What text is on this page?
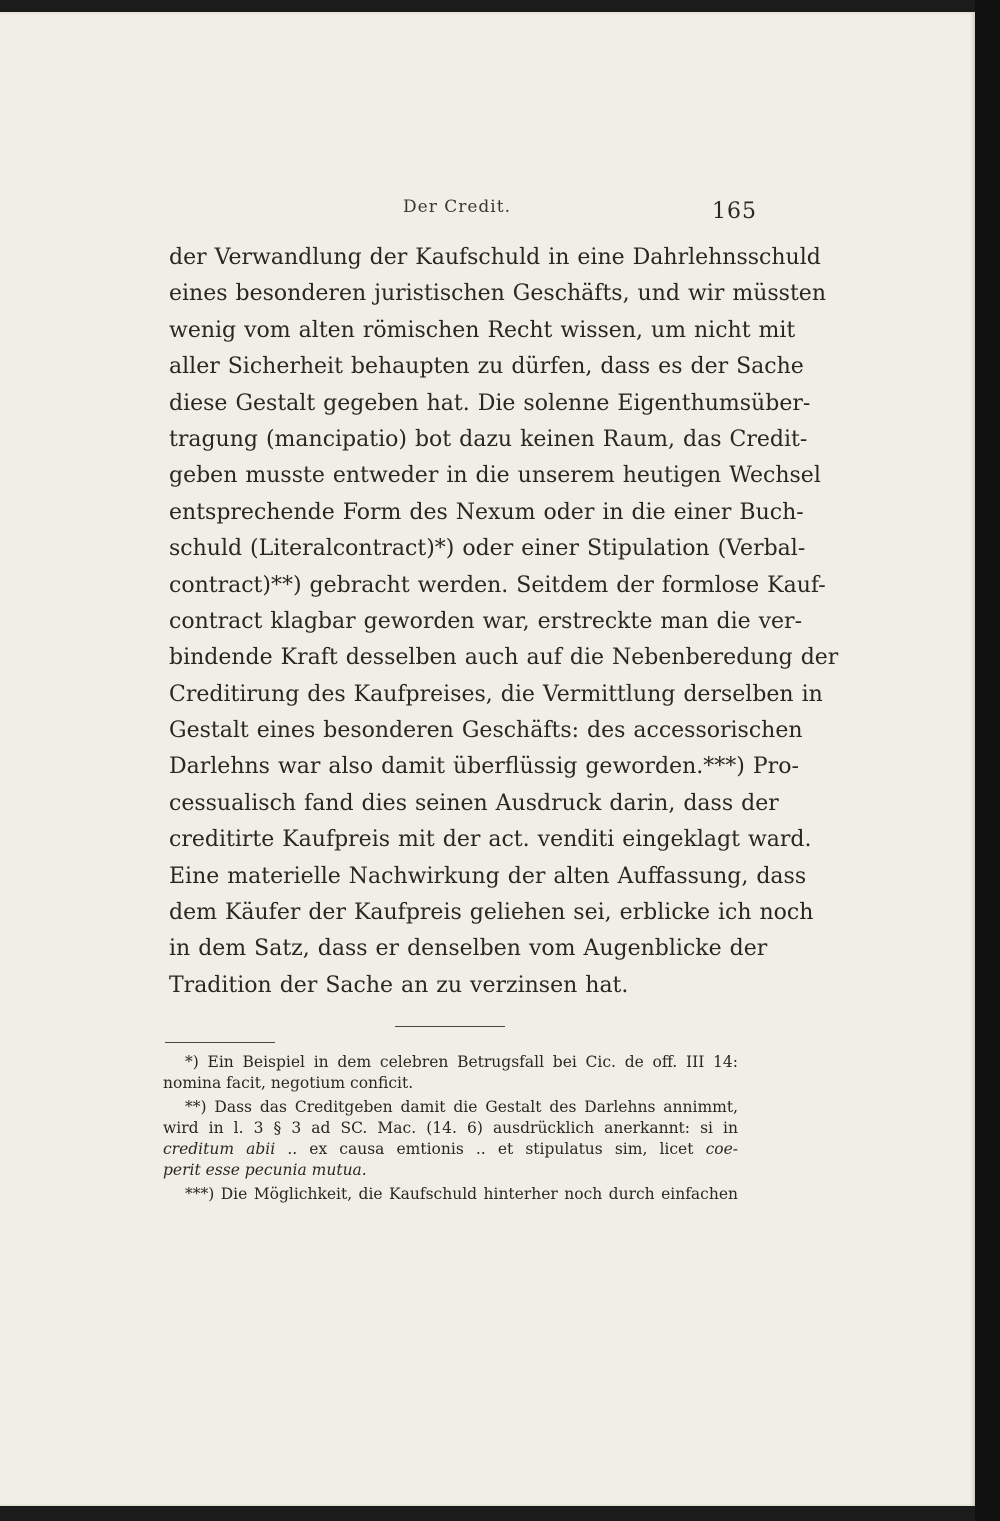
Der Credit.	165
der Verwandlung der Kaufschuld in eine Dahrlehnsschuld
eines besonderen juristischen Geschäfts, und wir müssten
wenig vom alten römischen Recht wissen, um nicht mit
aller Sicherheit behaupten zu dürfen, dass es der Sache
diese Gestalt gegeben hat. Die solenne Eigenthumsüber-
tragung (mancipatio) bot dazu keinen Raum, das Credit-
geben musste entweder in die unserem heutigen Wechsel
entsprechende Form des Nexum oder in die einer Buch-
schuld (Literalcontract)*) oder einer Stipulation (Verbal-
contract)**) gebracht werden. Seitdem der formlose Kauf-
contract klagbar geworden war, erstreckte man die ver-
bindende Kraft desselben auch auf die Nebenberedung der
Creditirung des Kaufpreises, die Vermittlung derselben in
Gestalt eines besonderen Geschäfts: des accessorischen
Darlehns war also damit überflüssig geworden.***) Pro-
cessualisch fand dies seinen Ausdruck darin, dass der
creditirte Kaufpreis mit der act. venditi eingeklagt ward.
Eine materielle Nachwirkung der alten Auffassung, dass
dem Käufer der Kaufpreis geliehen sei, erblicke ich noch
in dem Satz, dass er denselben vom Augenblicke der
Tradition der Sache an zu verzinsen hat.
*) Ein Beispiel in dem celebren Betrugsfall bei Cic. de off. III 14:
nomina facit, negotium conficit.
**) Dass das Creditgeben damit die Gestalt des Darlehns annimmt,
wird in l. 3 § 3 ad SC. Mac. (14. 6) ausdrücklich anerkannt: si in
creditum abii .. ex causa emtionis .. et stipulatus sim, licet coe-
perit esse pecunia mutua.
***) Die Möglichkeit, die Kaufschuld hinterher noch durch einfachen
